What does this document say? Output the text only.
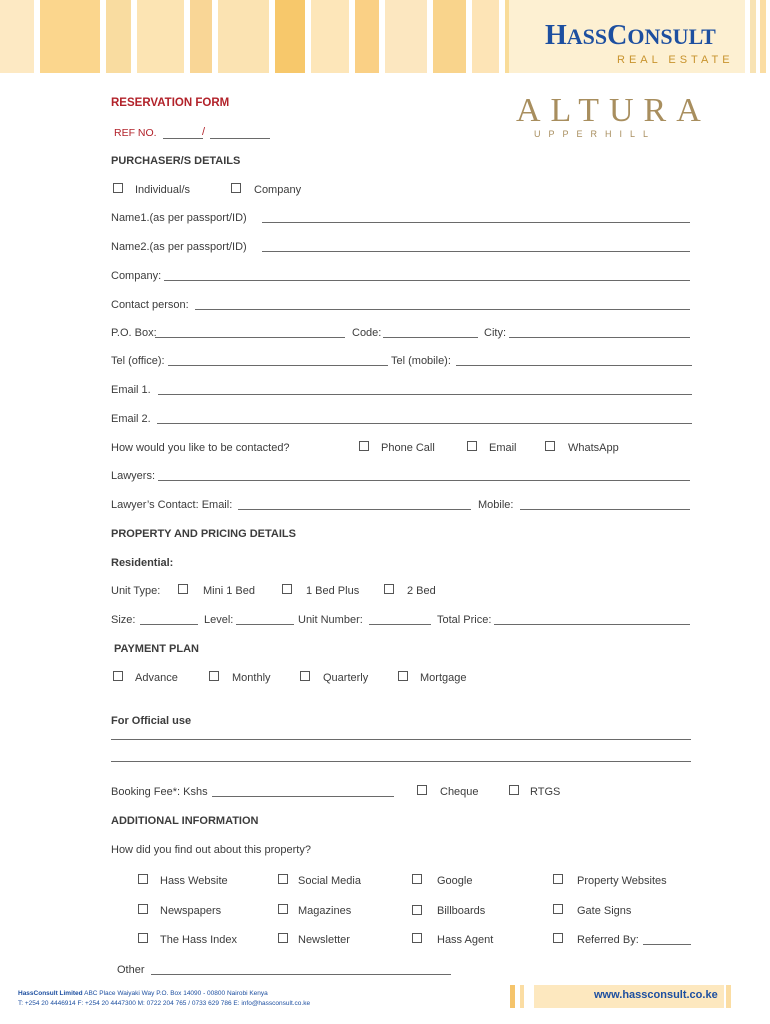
HASSCONSULT
REAL ESTATE
ALTURA
UPPERHILL
RESERVATION FORM
REF NO.	/
PURCHASER/S DETAILS
Individual/s	Company
Name1.(as per passport/ID)
Name2.(as per passport/ID)
Company:
Contact person:
P.O. Box:	Code:	City:
Tel (office):	Tel (mobile):
Email 1.
Email 2.
How would you like to be contacted?	Phone Call	Email	WhatsApp
Lawyers:
Lawyer’s Contact: Email:	Mobile:
PROPERTY AND PRICING DETAILS
Residential:
Unit Type:	Mini 1 Bed	1 Bed Plus	2 Bed
Size:	Level:	Unit Number:	Total Price:
PAYMENT PLAN
Advance	Monthly	Quarterly	Mortgage
For Official use
Booking Fee*: Kshs	Cheque	RTGS
ADDITIONAL INFORMATION
How did you find out about this property?
Hass Website	Social Media	Google	Property Websites
Newspapers	Magazines	Billboards	Gate Signs
The Hass Index	Newsletter	Hass Agent	Referred By:
Other
HassConsult Limited ABC Place Waiyaki Way P.O. Box 14090 - 00800 Nairobi Kenya
T: +254 20 4446914 F: +254 20 4447300 M: 0722 204 765 / 0733 629 786 E: info@hassconsult.co.ke
www.hassconsult.co.ke
